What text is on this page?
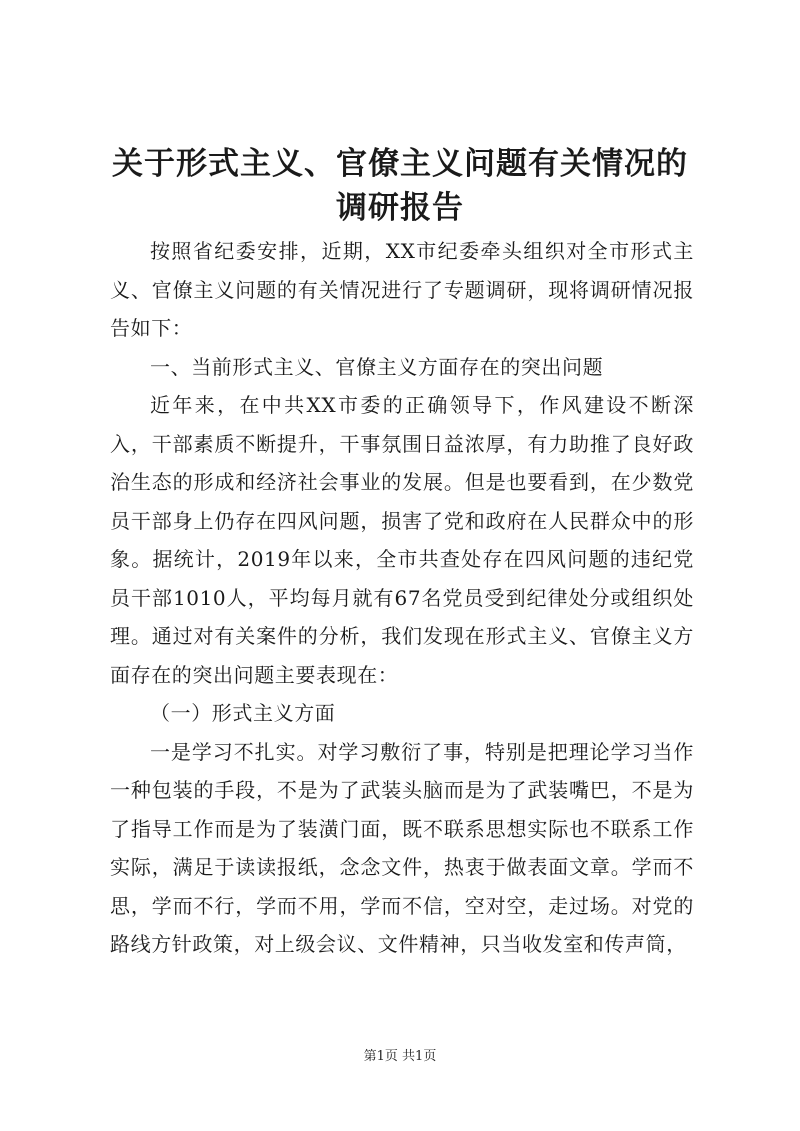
关于形式主义、官僚主义问题有关情况的调研报告

按照省纪委安排，近期，XX市纪委牵头组织对全市形式主义、官僚主义问题的有关情况进行了专题调研，现将调研情况报告如下：

一、当前形式主义、官僚主义方面存在的突出问题

近年来，在中共XX市委的正确领导下，作风建设不断深入，干部素质不断提升，干事氛围日益浓厚，有力助推了良好政治生态的形成和经济社会事业的发展。但是也要看到，在少数党员干部身上仍存在四风问题，损害了党和政府在人民群众中的形象。据统计，2019年以来，全市共查处存在四风问题的违纪党员干部1010人，平均每月就有67名党员受到纪律处分或组织处理。通过对有关案件的分析，我们发现在形式主义、官僚主义方面存在的突出问题主要表现在：

（一）形式主义方面

一是学习不扎实。对学习敷衍了事，特别是把理论学习当作一种包装的手段，不是为了武装头脑而是为了武装嘴巴，不是为了指导工作而是为了装潢门面，既不联系思想实际也不联系工作实际，满足于读读报纸，念念文件，热衷于做表面文章。学而不思，学而不行，学而不用，学而不信，空对空，走过场。对党的路线方针政策，对上级会议、文件精神，只当收发室和传声筒，

第1页 共1页
